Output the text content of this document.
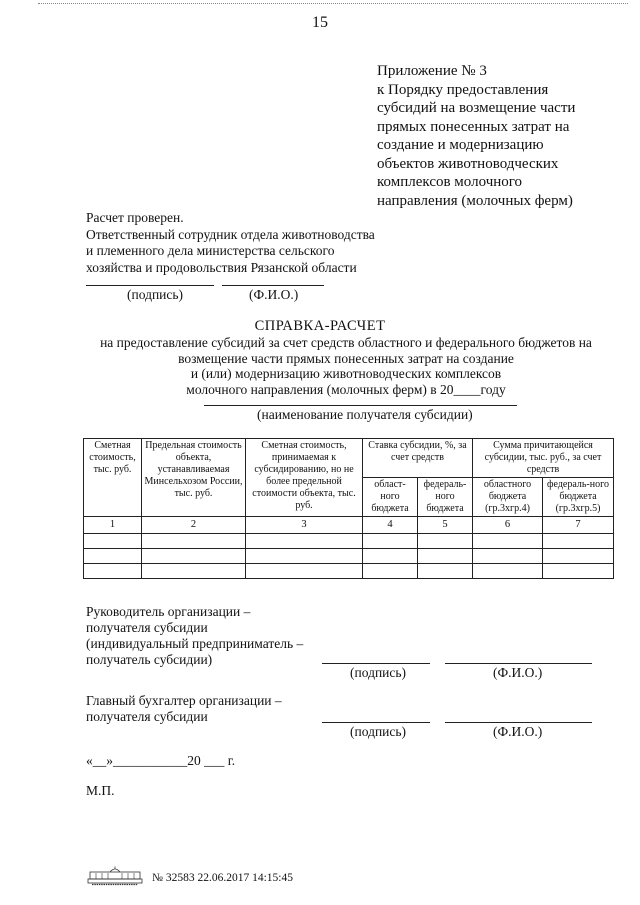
15
Приложение № 3
к Порядку предоставления
субсидий на возмещение части
прямых понесенных затрат на
создание и модернизацию
объектов животноводческих
комплексов молочного
направления (молочных ферм)
Расчет проверен.
Ответственный сотрудник отдела животноводства
и племенного дела министерства сельского
хозяйства и продовольствия Рязанской области
(подпись)	(Ф.И.О.)
СПРАВКА-РАСЧЕТ
на предоставление субсидий за счет средств областного и федерального бюджетов на
возмещение части прямых понесенных затрат на создание
и (или) модернизацию животноводческих комплексов
молочного направления (молочных ферм) в 20____году
(наименование получателя субсидии)
Сметная стоимость, тыс. руб.	Предельная стоимость объекта, устанавливаемая Минсельхозом России, тыс. руб.	Сметная стоимость, принимаемая к субсидированию, но не более предельной стоимости объекта, тыс. руб.	Ставка субсидии, %, за счет средств		Сумма причитающейся субсидии, тыс. руб., за счет средств	
			област-ного бюджета	федераль-ного бюджета	областного бюджета (гр.3хгр.4)	федераль-ного бюджета (гр.3хгр.5)
1	2	3	4	5	6	7

Руководитель организации –
получателя субсидии
(индивидуальный предприниматель –
получатель субсидии)
(подпись)	(Ф.И.О.)
Главный бухгалтер организации –
получателя субсидии
(подпись)	(Ф.И.О.)
«__»___________20 ___ г.
М.П.
№ 32583 22.06.2017 14:15:45
